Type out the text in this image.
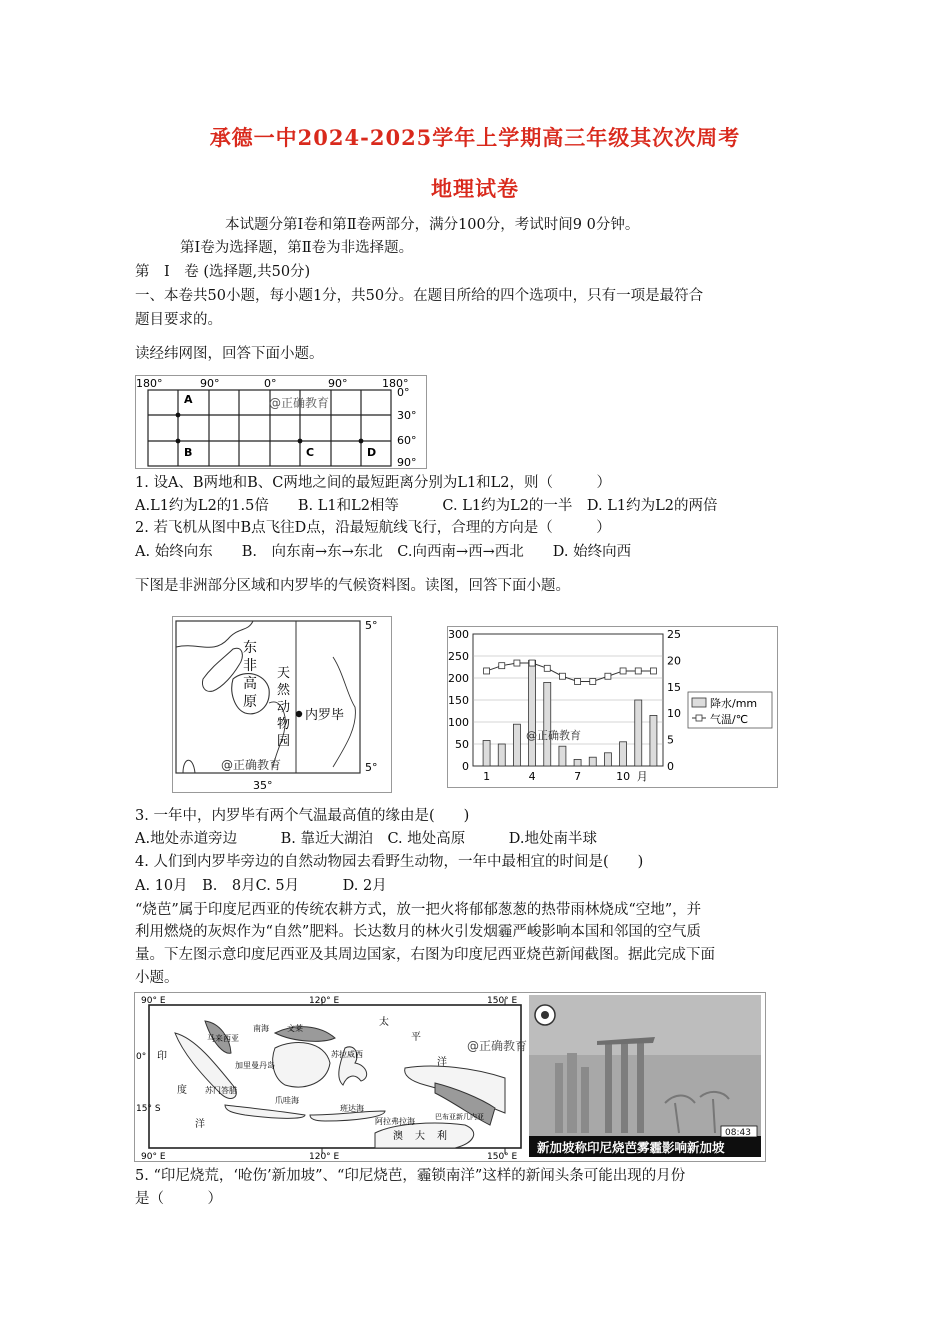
承德一中2024-2025学年上学期高三年级其次次周考
地理试卷
本试题分第Ⅰ卷和第Ⅱ卷两部分，满分100分，考试时间9 0分钟。
第Ⅰ卷为选择题，第Ⅱ卷为非选择题。
第　Ⅰ　卷 (选择题,共50分)
一、本卷共50小题，每小题1分，共50分。在题目所给的四个选项中，只有一项是最符合
题目要求的。
读经纬网图，回答下面小题。
180°	90°	0°	90°	180°
0°
30°
60°
90°
A
B	C	D
@正确教育
1. 设A、B两地和B、C两地之间的最短距离分别为L1和L2，则（　　　）
A.L1约为L2的1.5倍　　B. L1和L2相等　　　C. L1约为L2的一半　D. L1约为L2的两倍
2. 若飞机从图中B点飞往D点，沿最短航线飞行，合理的方向是（　　　）
A. 始终向东　　B.　向东南→东→东北　C.向西南→西→西北　　D. 始终向西
下图是非洲部分区域和内罗毕的气候资料图。读图，回答下面小题。
东
非
高
原
天
然
动
物
园
内罗毕
5°
5°
35°
@正确教育
300
250
200
150
100
50
0
25
20
15
10
5
0
1	4	7	10 月
@正确教育
降水/mm
气温/℃
3. 一年中，内罗毕有两个气温最高值的缘由是(　　)
A.地处赤道旁边　　　B. 靠近大湖泊　C. 地处高原　　　D.地处南半球
4. 人们到内罗毕旁边的自然动物园去看野生动物，一年中最相宜的时间是(　　)
A. 10月　B.　8月C. 5月　　　D. 2月
“烧芭”属于印度尼西亚的传统农耕方式，放一把火将郁郁葱葱的热带雨林烧成“空地”，并
利用燃烧的灰烬作为“自然”肥料。长达数月的林火引发烟霾严峻影响本国和邻国的空气质
量。下左图示意印度尼西亚及其周边国家，右图为印度尼西亚烧芭新闻截图。据此完成下面
小题。
90° E	120° E	150° E
90° E	120° E	150° E
0°
15° S
南海 文莱
马来西亚
苏拉威西
加里曼丹岛
爪哇海
苏门答腊
班达海
阿拉弗拉海	巴布亚新几内亚
澳 大 利
太
平
洋
印
度
洋
@正确教育
新加坡称印尼烧芭雾霾影响新加坡
08:43
5. “印尼烧荒，‘呛伤’新加坡”、“印尼烧芭，霾锁南洋”这样的新闻头条可能出现的月份
是（　　　）
